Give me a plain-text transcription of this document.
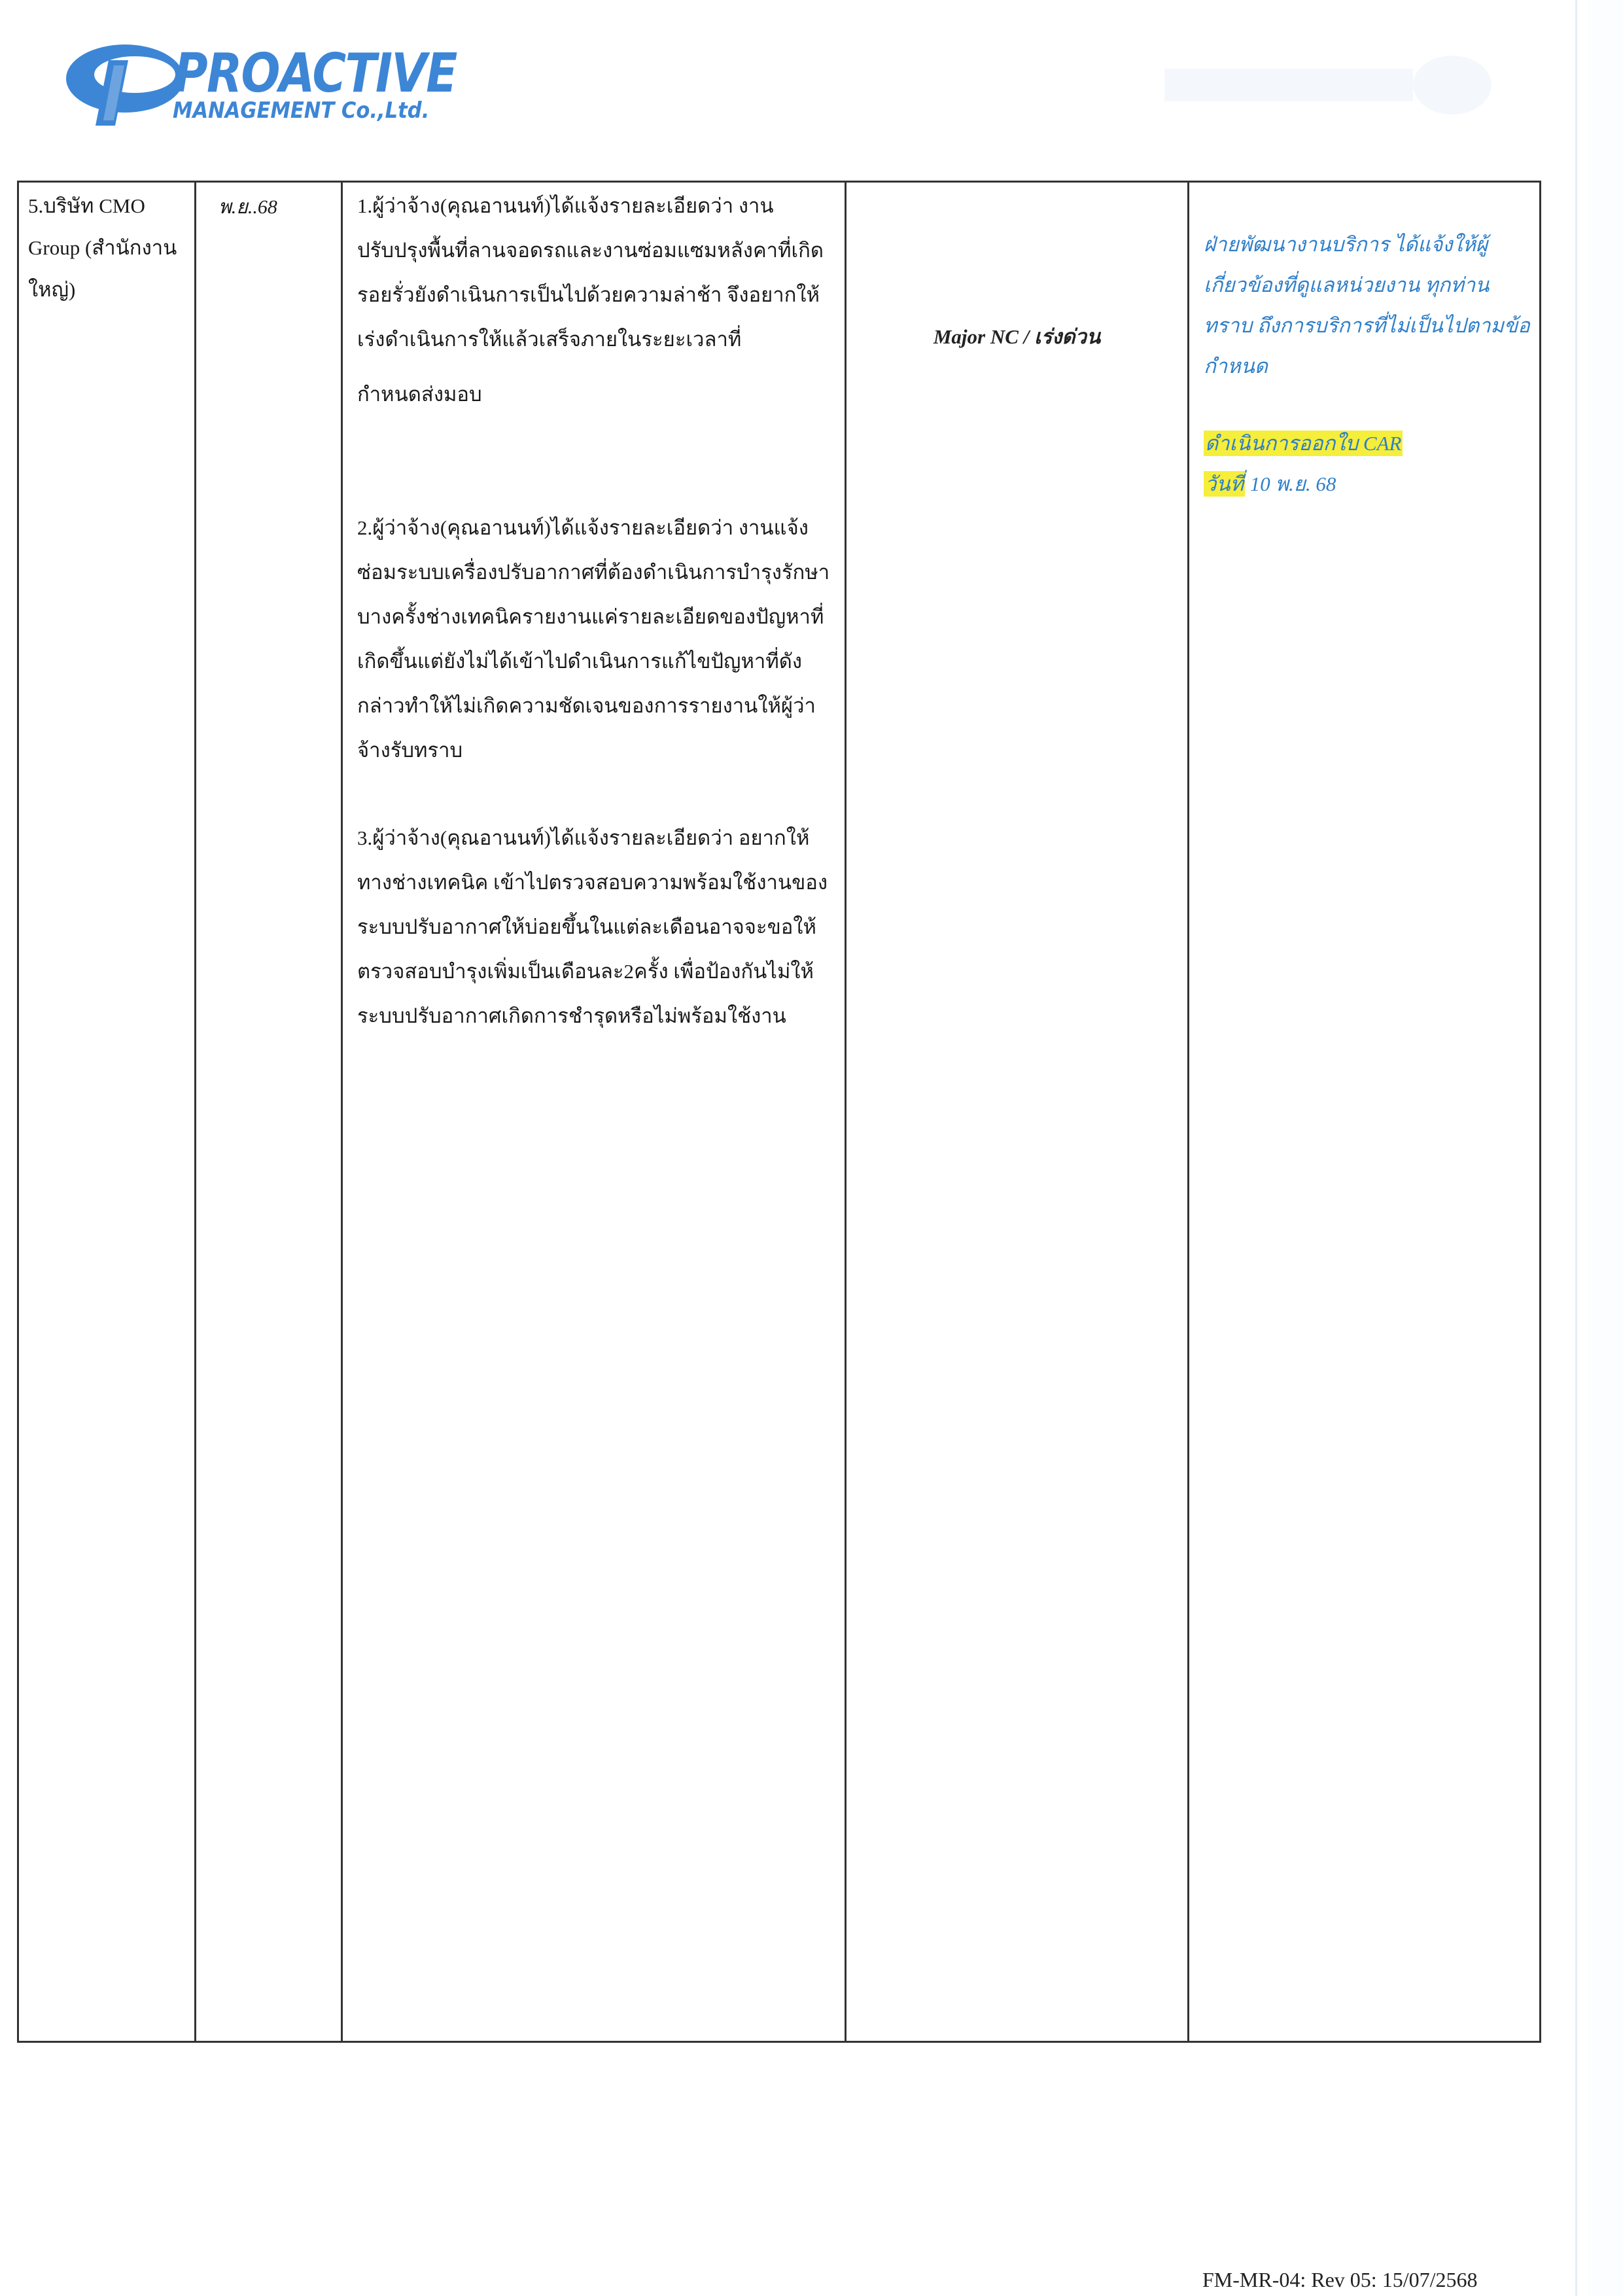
PROACTIVE
MANAGEMENT Co.,Ltd.
5.บริษัท CMO Group (สำนักงานใหญ่)
พ.ย..68	1.ผู้ว่าจ้าง(คุณอานนท์)ได้แจ้งรายละเอียดว่า งานปรับปรุงพื้นที่ลานจอดรถและงานซ่อมแซมหลังคาที่เกิดรอยรั่วยังดำเนินการเป็นไปด้วยความล่าช้า จึงอยากให้เร่งดำเนินการให้แล้วเสร็จภายในระยะเวลาที่
กำหนดส่งมอบ
2.ผู้ว่าจ้าง(คุณอานนท์)ได้แจ้งรายละเอียดว่า งานแจ้งซ่อมระบบเครื่องปรับอากาศที่ต้องดำเนินการบำรุงรักษา บางครั้งช่างเทคนิครายงานแค่รายละเอียดของปัญหาที่เกิดขึ้นแต่ยังไม่ได้เข้าไปดำเนินการแก้ไขปัญหาที่ดังกล่าวทำให้ไม่เกิดความชัดเจนของการรายงานให้ผู้ว่าจ้างรับทราบ
3.ผู้ว่าจ้าง(คุณอานนท์)ได้แจ้งรายละเอียดว่า อยากให้ทางช่างเทคนิค เข้าไปตรวจสอบความพร้อมใช้งานของระบบปรับอากาศให้บ่อยขึ้นในแต่ละเดือนอาจจะขอให้ตรวจสอบบำรุงเพิ่มเป็นเดือนละ2ครั้ง เพื่อป้องกันไม่ให้ระบบปรับอากาศเกิดการชำรุดหรือไม่พร้อมใช้งาน
Major NC / เร่งด่วน
ฝ่ายพัฒนางานบริการ ได้แจ้งให้ผู้เกี่ยวข้องที่ดูแลหน่วยงาน ทุกท่านทราบ ถึงการบริการที่ไม่เป็นไปตามข้อกำหนด
ดำเนินการออกใบ CAR
วันที่ 10 พ.ย. 68
FM-MR-04: Rev 05: 15/07/2568
